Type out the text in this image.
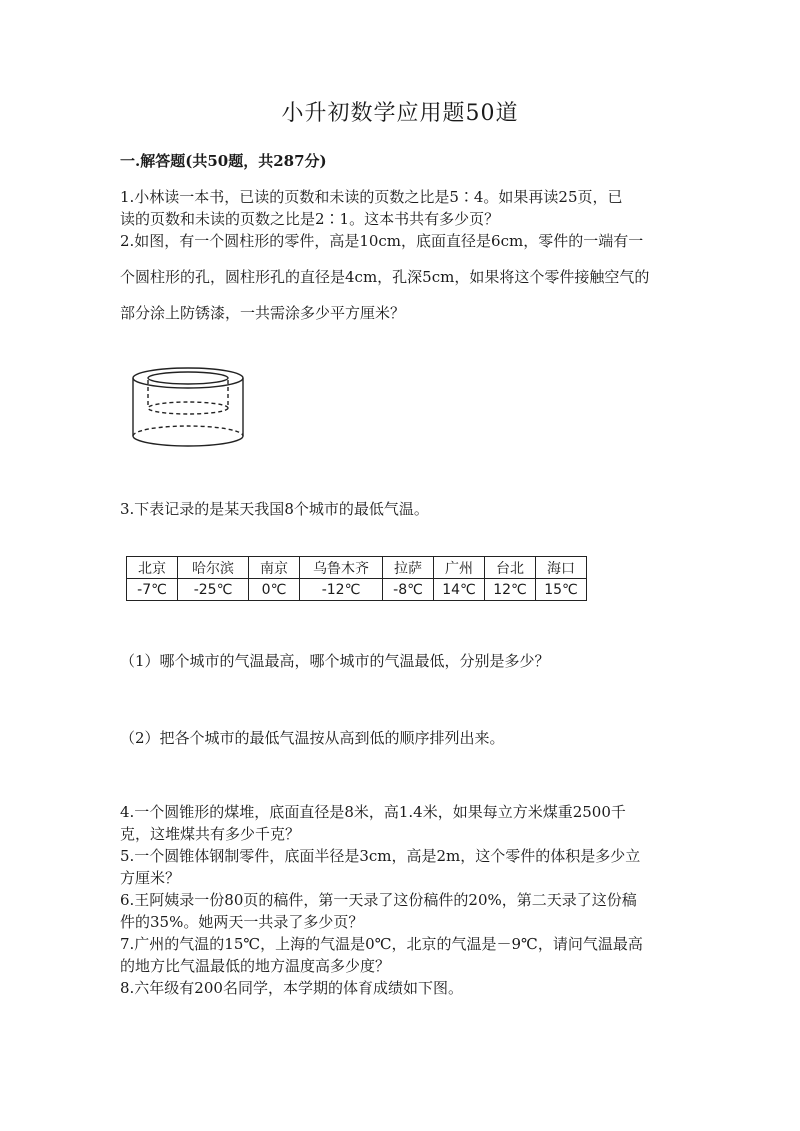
小升初数学应用题50道
一.解答题(共50题，共287分)
1.小林读一本书，已读的页数和未读的页数之比是5∶4。如果再读25页，已
读的页数和未读的页数之比是2∶1。这本书共有多少页？
2.如图，有一个圆柱形的零件，高是10cm，底面直径是6cm，零件的一端有一
个圆柱形的孔，圆柱形孔的直径是4cm，孔深5cm，如果将这个零件接触空气的
部分涂上防锈漆，一共需涂多少平方厘米？
3.下表记录的是某天我国8个城市的最低气温。
北京	哈尔滨	南京	乌鲁木齐	拉萨	广州	台北	海口
-7℃	-25℃	0℃	-12℃	-8℃	14℃	12℃	15℃
（1）哪个城市的气温最高，哪个城市的气温最低，分别是多少？
（2）把各个城市的最低气温按从高到低的顺序排列出来。
4.一个圆锥形的煤堆，底面直径是8米，高1.4米，如果每立方米煤重2500千
克，这堆煤共有多少千克？
5.一个圆锥体钢制零件，底面半径是3cm，高是2m，这个零件的体积是多少立
方厘米？
6.王阿姨录一份80页的稿件，第一天录了这份稿件的20%，第二天录了这份稿
件的35%。她两天一共录了多少页？
7.广州的气温的15℃，上海的气温是0℃，北京的气温是－9℃，请问气温最高
的地方比气温最低的地方温度高多少度？
8.六年级有200名同学，本学期的体育成绩如下图。
